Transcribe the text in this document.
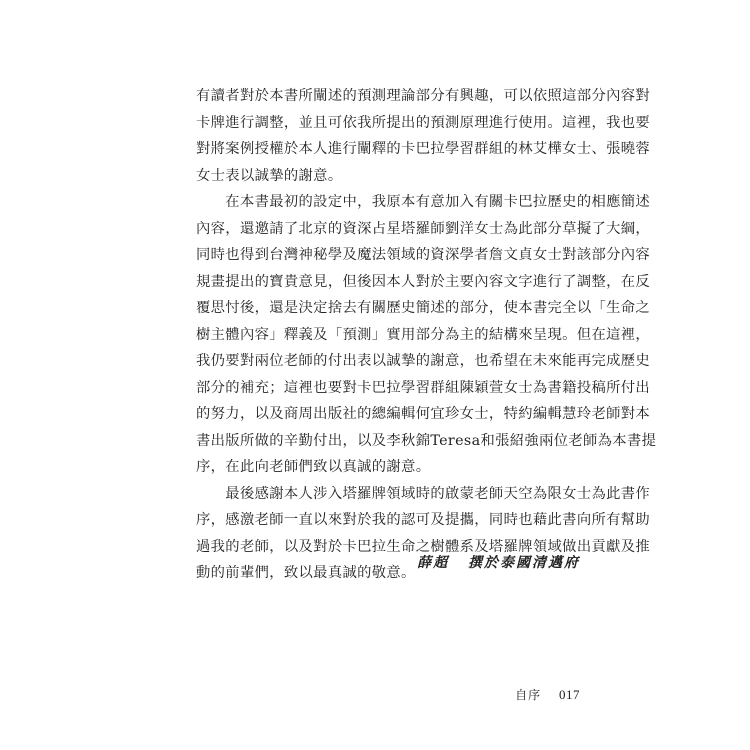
有讀者對於本書所闡述的預測理論部分有興趣，可以依照這部分內容對
卡牌進行調整，並且可依我所提出的預測原理進行使用。這裡，我也要
對將案例授權於本人進行闡釋的卡巴拉學習群組的林艾樺女士、張曉蓉
女士表以誠摯的謝意。
　　在本書最初的設定中，我原本有意加入有關卡巴拉歷史的相應簡述
內容，還邀請了北京的資深占星塔羅師劉洋女士為此部分草擬了大綱，
同時也得到台灣神秘學及魔法領域的資深學者詹文貞女士對該部分內容
規畫提出的寶貴意見，但後因本人對於主要內容文字進行了調整，在反
覆思忖後，還是決定捨去有關歷史簡述的部分，使本書完全以「生命之
樹主體內容」釋義及「預測」實用部分為主的結構來呈現。但在這裡，
我仍要對兩位老師的付出表以誠摯的謝意，也希望在未來能再完成歷史
部分的補充；這裡也要對卡巴拉學習群組陳穎萱女士為書籍投稿所付出
的努力，以及商周出版社的總編輯何宜珍女士，特約編輯慧玲老師對本
書出版所做的辛勤付出，以及李秋錦Teresa和張紹強兩位老師為本書提
序，在此向老師們致以真誠的謝意。
　　最後感謝本人涉入塔羅牌領域時的啟蒙老師天空為限女士為此書作
序，感激老師一直以來對於我的認可及提攜，同時也藉此書向所有幫助
過我的老師，以及對於卡巴拉生命之樹體系及塔羅牌領域做出貢獻及推
動的前輩們，致以最真誠的敬意。
薛超 撰於泰國清邁府
自序 017
